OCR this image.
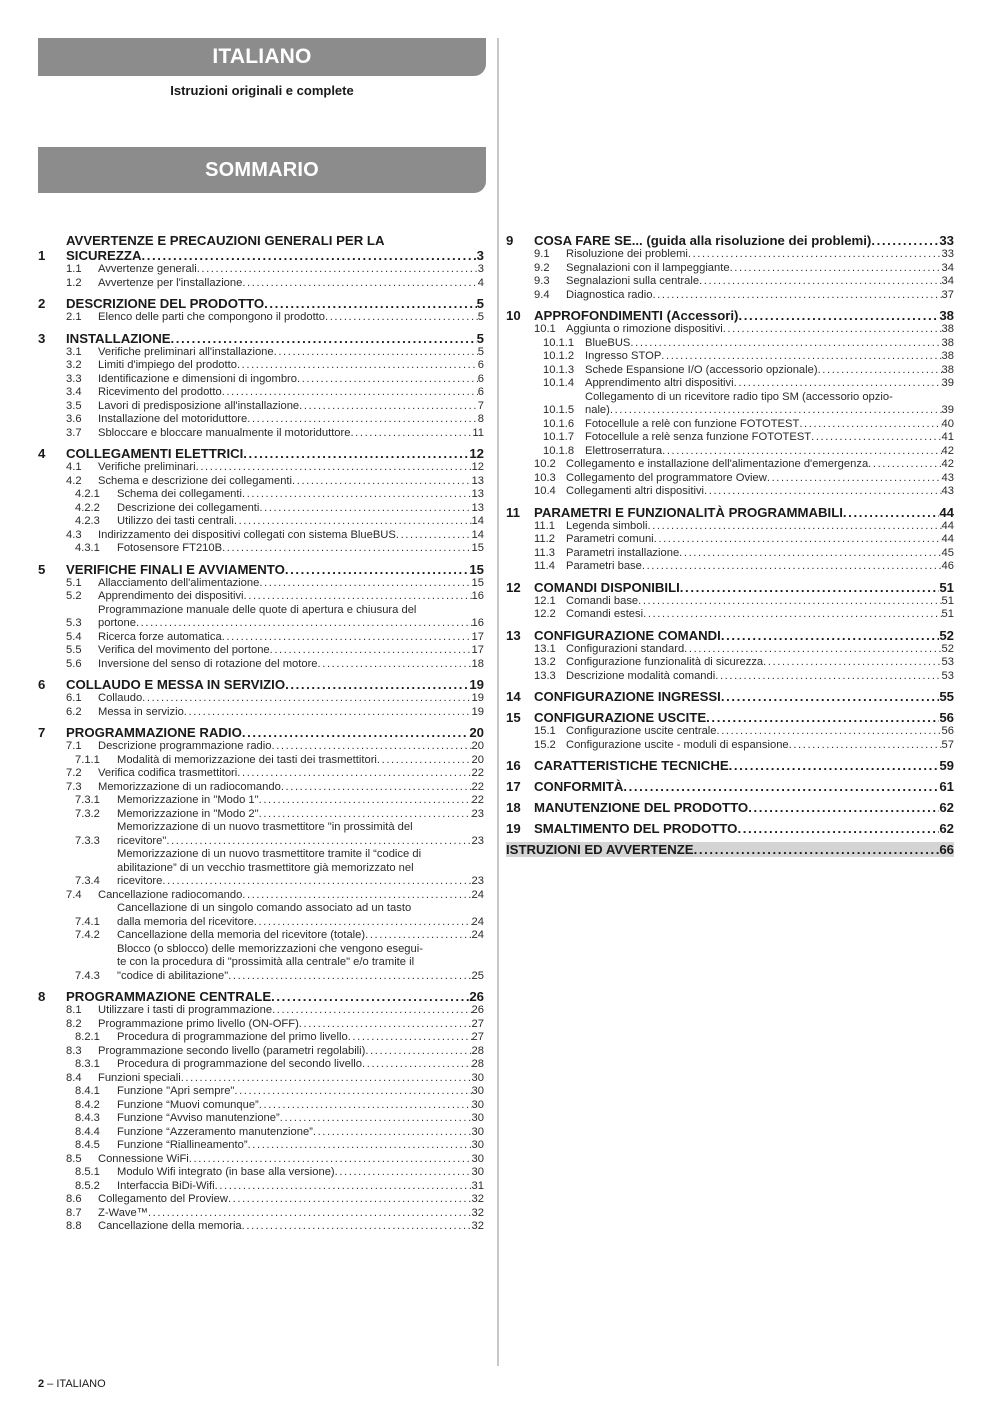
ITALIANO
Istruzioni originali e complete
SOMMARIO
1
AVVERTENZE E PRECAUZIONI GENERALI PER LA
SICUREZZA .....	3
1.1	Avvertenze generali .....	3
1.2	Avvertenze per l'installazione .....	4
2	DESCRIZIONE DEL PRODOTTO .....	5
2.1	Elenco delle parti che compongono il prodotto .....	5
3	INSTALLAZIONE .....	5
3.1	Verifiche preliminari all'installazione .....	5
3.2	Limiti d'impiego del prodotto .....	6
3.3	Identificazione e dimensioni di ingombro .....	6
3.4	Ricevimento del prodotto .....	6
3.5	Lavori di predisposizione all'installazione .....	7
3.6	Installazione del motoriduttore .....	8
3.7	Sbloccare e bloccare manualmente il motoriduttore .....	11
4	COLLEGAMENTI ELETTRICI .....	12
4.1	Verifiche preliminari .....	12
4.2	Schema e descrizione dei collegamenti .....	13
4.2.1	Schema dei collegamenti .....	13
4.2.2	Descrizione dei collegamenti .....	13
4.2.3	Utilizzo dei tasti centrali .....	14
4.3	Indirizzamento dei dispositivi collegati con sistema BlueBUS .....	14
4.3.1	Fotosensore FT210B .....	15
5	VERIFICHE FINALI E AVVIAMENTO .....	15
5.1	Allacciamento dell'alimentazione .....	15
5.2	Apprendimento dei dispositivi .....	16
5.3
Programmazione manuale delle quote di apertura e chiusura del
portone .....	16
5.4	Ricerca forze automatica .....	17
5.5	Verifica del movimento del portone .....	17
5.6	Inversione del senso di rotazione del motore .....	18
6	COLLAUDO E MESSA IN SERVIZIO .....	19
6.1	Collaudo .....	19
6.2	Messa in servizio .....	19
7	PROGRAMMAZIONE RADIO .....	20
7.1	Descrizione programmazione radio .....	20
7.1.1	Modalità di memorizzazione dei tasti dei trasmettitori .....	20
7.2	Verifica codifica trasmettitori .....	22
7.3	Memorizzazione di un radiocomando .....	22
7.3.1	Memorizzazione in "Modo 1" .....	22
7.3.2	Memorizzazione in "Modo 2" .....	23
7.3.3
Memorizzazione di un nuovo trasmettitore "in prossimità del
ricevitore" .....	23
7.3.4
Memorizzazione di un nuovo trasmettitore tramite il “codice di
abilitazione” di un vecchio trasmettitore già memorizzato nel
ricevitore .....	23
7.4	Cancellazione radiocomando .....	24
7.4.1
Cancellazione di un singolo comando associato ad un tasto
dalla memoria del ricevitore .....	24
7.4.2	Cancellazione della memoria del ricevitore (totale) .....	24
7.4.3
Blocco (o sblocco) delle memorizzazioni che vengono esegui-
te con la procedura di "prossimità alla centrale" e/o tramite il
"codice di abilitazione" .....	25
8	PROGRAMMAZIONE CENTRALE .....	26
8.1	Utilizzare i tasti di programmazione .....	26
8.2	Programmazione primo livello (ON-OFF) .....	27
8.2.1	Procedura di programmazione del primo livello .....	27
8.3	Programmazione secondo livello (parametri regolabili) .....	28
8.3.1	Procedura di programmazione del secondo livello .....	28
8.4	Funzioni speciali .....	30
8.4.1	Funzione "Apri sempre" .....	30
8.4.2	Funzione “Muovi comunque” .....	30
8.4.3	Funzione “Avviso manutenzione” .....	30
8.4.4	Funzione “Azzeramento manutenzione” .....	30
8.4.5	Funzione “Riallineamento” .....	30
8.5	Connessione WiFi .....	30
8.5.1	Modulo Wifi integrato (in base alla versione) .....	30
8.5.2	Interfaccia BiDi-Wifi .....	31
8.6	Collegamento del Proview .....	32
8.7	Z-Wave™ .....	32
8.8	Cancellazione della memoria .....	32
9	COSA FARE SE... (guida alla risoluzione dei problemi) .....	33
9.1	Risoluzione dei problemi .....	33
9.2	Segnalazioni con il lampeggiante .....	34
9.3	Segnalazioni sulla centrale .....	34
9.4	Diagnostica radio .....	37
10	APPROFONDIMENTI (Accessori) .....	38
10.1 Aggiunta o rimozione dispositivi .....	38
10.1.1 BlueBUS .....	38
10.1.2 Ingresso STOP .....	38
10.1.3 Schede Espansione I/O (accessorio opzionale) .....	38
10.1.4 Apprendimento altri dispositivi .....	39
10.1.5
Collegamento di un ricevitore radio tipo SM (accessorio opzio-
nale) .....	39
10.1.6 Fotocellule a relè con funzione FOTOTEST .....	40
10.1.7 Fotocellule a relè senza funzione FOTOTEST .....	41
10.1.8 Elettroserratura .....	42
10.2 Collegamento e installazione dell'alimentazione d'emergenza .....	42
10.3 Collegamento del programmatore Oview .....	43
10.4 Collegamenti altri dispositivi .....	43
11	PARAMETRI E FUNZIONALITÀ PROGRAMMABILI .....	44
11.1 Legenda simboli .....	44
11.2 Parametri comuni .....	44
11.3 Parametri installazione .....	45
11.4 Parametri base .....	46
12	COMANDI DISPONIBILI .....	51
12.1 Comandi base .....	51
12.2 Comandi estesi .....	51
13	CONFIGURAZIONE COMANDI .....	52
13.1 Configurazioni standard .....	52
13.2 Configurazione funzionalità di sicurezza .....	53
13.3 Descrizione modalità comandi .....	53
14	CONFIGURAZIONE INGRESSI .....	55
15	CONFIGURAZIONE USCITE .....	56
15.1 Configurazione uscite centrale .....	56
15.2 Configurazione uscite - moduli di espansione .....	57
16	CARATTERISTICHE TECNICHE .....	59
17	CONFORMITÀ .....	61
18	MANUTENZIONE DEL PRODOTTO .....	62
19	SMALTIMENTO DEL PRODOTTO .....	62
ISTRUZIONI ED AVVERTENZE .....	66
2 – ITALIANO
